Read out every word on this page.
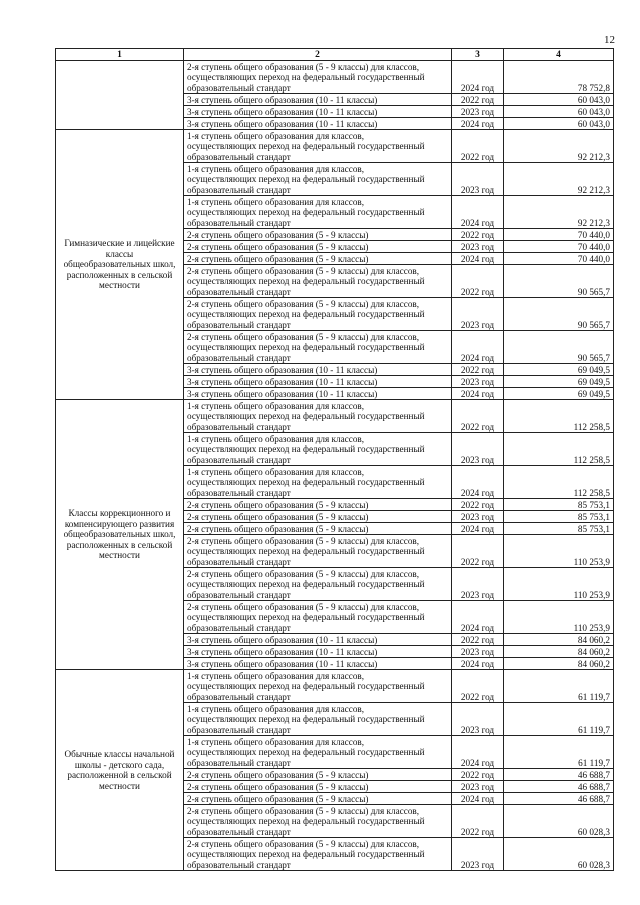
12
1	2	3	4

	2-я ступень общего образования (5 - 9 классы) для классов,
осуществляющих переход на федеральный государственный
образовательный стандарт	2024 год	78 752,8

	3-я ступень общего образования (10 - 11 классы)	2022 год	60 043,0

	3-я ступень общего образования (10 - 11 классы)	2023 год	60 043,0

	3-я ступень общего образования (10 - 11 классы)	2024 год	60 043,0
Гимназические и лицейские классы общеобразовательных школ, расположенных в сельской местности	1-я ступень общего образования для классов,
осуществляющих переход на федеральный государственный
образовательный стандарт	2022 год	92 212,3

	1-я ступень общего образования для классов,
осуществляющих переход на федеральный государственный
образовательный стандарт	2023 год	92 212,3

	1-я ступень общего образования для классов,
осуществляющих переход на федеральный государственный
образовательный стандарт	2024 год	92 212,3

	2-я ступень общего образования (5 - 9 классы)	2022 год	70 440,0

	2-я ступень общего образования (5 - 9 классы)	2023 год	70 440,0

	2-я ступень общего образования (5 - 9 классы)	2024 год	70 440,0

	2-я ступень общего образования (5 - 9 классы) для классов,
осуществляющих переход на федеральный государственный
образовательный стандарт	2022 год	90 565,7

	2-я ступень общего образования (5 - 9 классы) для классов,
осуществляющих переход на федеральный государственный
образовательный стандарт	2023 год	90 565,7

	2-я ступень общего образования (5 - 9 классы) для классов,
осуществляющих переход на федеральный государственный
образовательный стандарт	2024 год	90 565,7

	3-я ступень общего образования (10 - 11 классы)	2022 год	69 049,5

	3-я ступень общего образования (10 - 11 классы)	2023 год	69 049,5

	3-я ступень общего образования (10 - 11 классы)	2024 год	69 049,5
Классы коррекционного и компенсирующего развития общеобразовательных школ, расположенных в сельской местности	1-я ступень общего образования для классов,
осуществляющих переход на федеральный государственный
образовательный стандарт	2022 год	112 258,5

	1-я ступень общего образования для классов,
осуществляющих переход на федеральный государственный
образовательный стандарт	2023 год	112 258,5

	1-я ступень общего образования для классов,
осуществляющих переход на федеральный государственный
образовательный стандарт	2024 год	112 258,5

	2-я ступень общего образования (5 - 9 классы)	2022 год	85 753,1

	2-я ступень общего образования (5 - 9 классы)	2023 год	85 753,1

	2-я ступень общего образования (5 - 9 классы)	2024 год	85 753,1

	2-я ступень общего образования (5 - 9 классы) для классов,
осуществляющих переход на федеральный государственный
образовательный стандарт	2022 год	110 253,9

	2-я ступень общего образования (5 - 9 классы) для классов,
осуществляющих переход на федеральный государственный
образовательный стандарт	2023 год	110 253,9

	2-я ступень общего образования (5 - 9 классы) для классов,
осуществляющих переход на федеральный государственный
образовательный стандарт	2024 год	110 253,9

	3-я ступень общего образования (10 - 11 классы)	2022 год	84 060,2

	3-я ступень общего образования (10 - 11 классы)	2023 год	84 060,2

	3-я ступень общего образования (10 - 11 классы)	2024 год	84 060,2
Обычные классы начальной школы - детского сада, расположенной в сельской местности	1-я ступень общего образования для классов,
осуществляющих переход на федеральный государственный
образовательный стандарт	2022 год	61 119,7

	1-я ступень общего образования для классов,
осуществляющих переход на федеральный государственный
образовательный стандарт	2023 год	61 119,7

	1-я ступень общего образования для классов,
осуществляющих переход на федеральный государственный
образовательный стандарт	2024 год	61 119,7

	2-я ступень общего образования (5 - 9 классы)	2022 год	46 688,7

	2-я ступень общего образования (5 - 9 классы)	2023 год	46 688,7

	2-я ступень общего образования (5 - 9 классы)	2024 год	46 688,7

	2-я ступень общего образования (5 - 9 классы) для классов,
осуществляющих переход на федеральный государственный
образовательный стандарт	2022 год	60 028,3

	2-я ступень общего образования (5 - 9 классы) для классов,
осуществляющих переход на федеральный государственный
образовательный стандарт	2023 год	60 028,3
